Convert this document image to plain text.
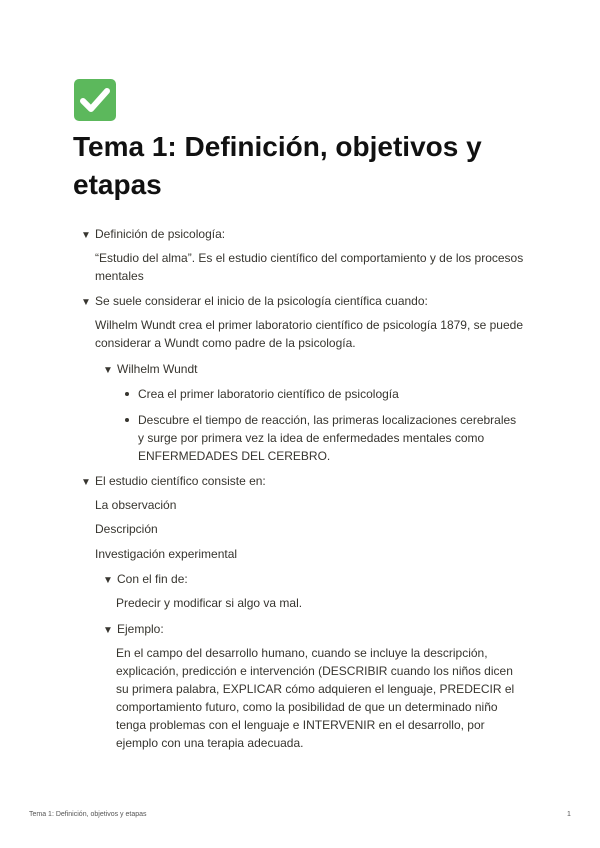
Tema 1: Definición, objetivos y etapas
▼ Definición de psicología:
“Estudio del alma”. Es el estudio científico del comportamiento y de los procesos
mentales
▼ Se suele considerar el inicio de la psicología científica cuando:
Wilhelm Wundt crea el primer laboratorio científico de psicología 1879, se puede
considerar a Wundt como padre de la psicología.
▼ Wilhelm Wundt
Crea el primer laboratorio científico de psicología
Descubre el tiempo de reacción, las primeras localizaciones cerebrales
y surge por primera vez la idea de enfermedades mentales como
ENFERMEDADES DEL CEREBRO.
▼ El estudio científico consiste en:
La observación
Descripción
Investigación experimental
▼ Con el fin de:
Predecir y modificar si algo va mal.
▼ Ejemplo:
En el campo del desarrollo humano, cuando se incluye la descripción,
explicación, predicción e intervención (DESCRIBIR cuando los niños dicen
su primera palabra, EXPLICAR cómo adquieren el lenguaje, PREDECIR el
comportamiento futuro, como la posibilidad de que un determinado niño
tenga problemas con el lenguaje e INTERVENIR en el desarrollo, por
ejemplo con una terapia adecuada.
Tema 1: Definición, objetivos y etapas	1
